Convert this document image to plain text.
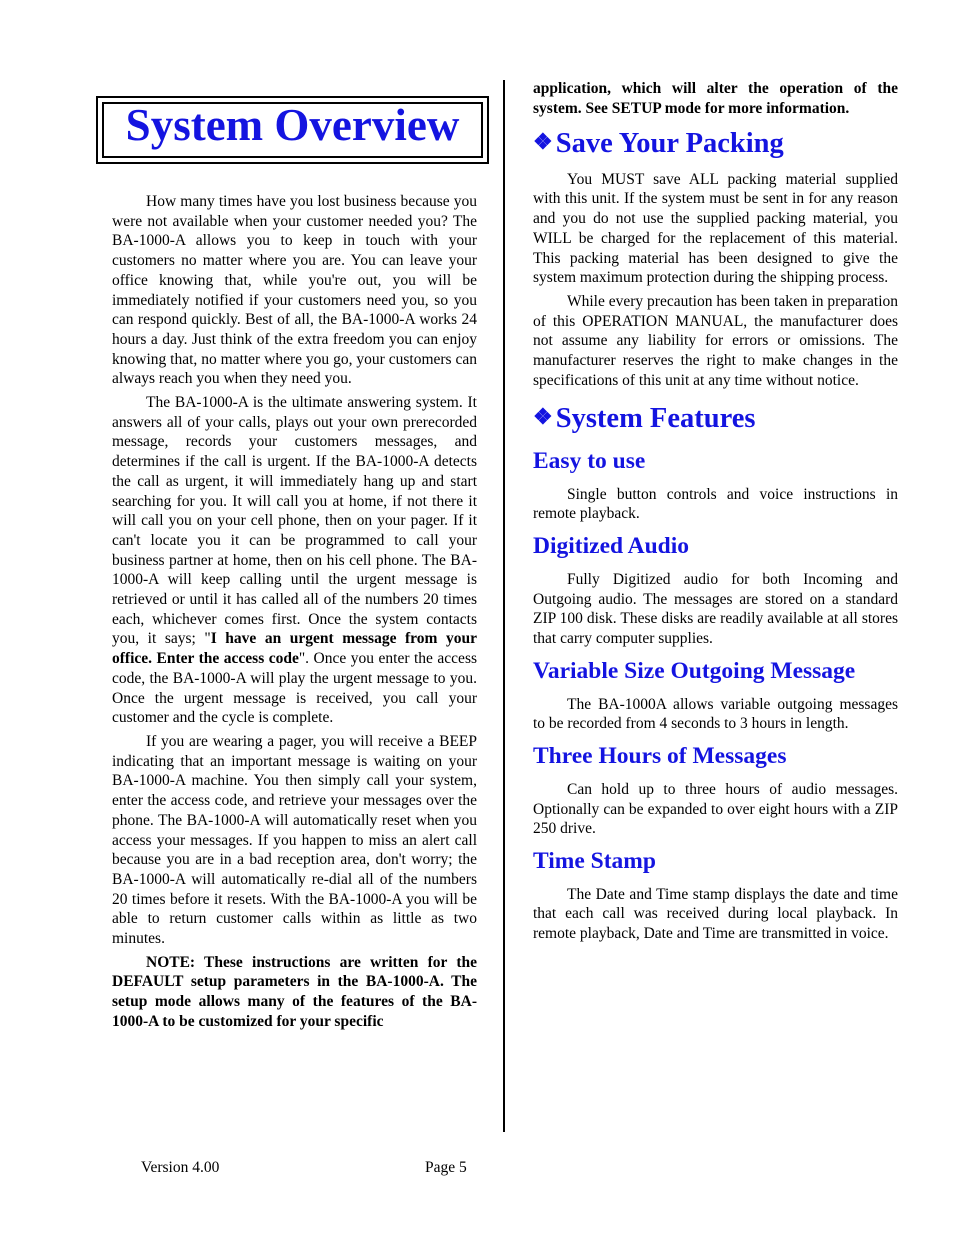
System Overview

How many times have you lost business because you were not available when your customer needed you? The BA-1000-A allows you to keep in touch with your customers no matter where you are. You can leave your office knowing that, while you're out, you will be immediately notified if your customers need you, so you can respond quickly. Best of all, the BA-1000-A works 24 hours a day. Just think of the extra freedom you can enjoy knowing that, no matter where you go, your customers can always reach you when they need you.

The BA-1000-A is the ultimate answering system. It answers all of your calls, plays out your own prerecorded message, records your customers messages, and determines if the call is urgent. If the BA-1000-A detects the call as urgent, it will immediately hang up and start searching for you. It will call you at home, if not there it will call you on your cell phone, then on your pager. If it can't locate you it can be programmed to call your business partner at home, then on his cell phone. The BA-1000-A will keep calling until the urgent message is retrieved or until it has called all of the numbers 20 times each, whichever comes first. Once the system contacts you, it says; "I have an urgent message from your office. Enter the access code". Once you enter the access code, the BA-1000-A will play the urgent message to you. Once the urgent message is received, you call your customer and the cycle is complete.

If you are wearing a pager, you will receive a BEEP indicating that an important message is waiting on your BA-1000-A machine. You then simply call your system, enter the access code, and retrieve your messages over the phone. The BA-1000-A will automatically reset when you access your messages. If you happen to miss an alert call because you are in a bad reception area, don't worry; the BA-1000-A will automatically re-dial all of the numbers 20 times before it resets. With the BA-1000-A you will be able to return customer calls within as little as two minutes.

NOTE: These instructions are written for the DEFAULT setup parameters in the BA-1000-A. The setup mode allows many of the features of the BA-1000-A to be customized for your specific

application, which will alter the operation of the system. See SETUP mode for more information.

❖ Save Your Packing

You MUST save ALL packing material supplied with this unit. If the system must be sent in for any reason and you do not use the supplied packing material, you WILL be charged for the replacement of this material. This packing material has been designed to give the system maximum protection during the shipping process.

While every precaution has been taken in preparation of this OPERATION MANUAL, the manufacturer does not assume any liability for errors or omissions. The manufacturer reserves the right to make changes in the specifications of this unit at any time without notice.

❖ System Features
Easy to use

Single button controls and voice instructions in remote playback.

Digitized Audio

Fully Digitized audio for both Incoming and Outgoing audio. The messages are stored on a standard ZIP 100 disk. These disks are readily available at all stores that carry computer supplies.

Variable Size Outgoing Message

The BA-1000A allows variable outgoing messages to be recorded from 4 seconds to 3 hours in length.

Three Hours of Messages

Can hold up to three hours of audio messages. Optionally can be expanded to over eight hours with a ZIP 250 drive.

Time Stamp

The Date and Time stamp displays the date and time that each call was received during local playback. In remote playback, Date and Time are transmitted in voice.

Version 4.00	Page 5
